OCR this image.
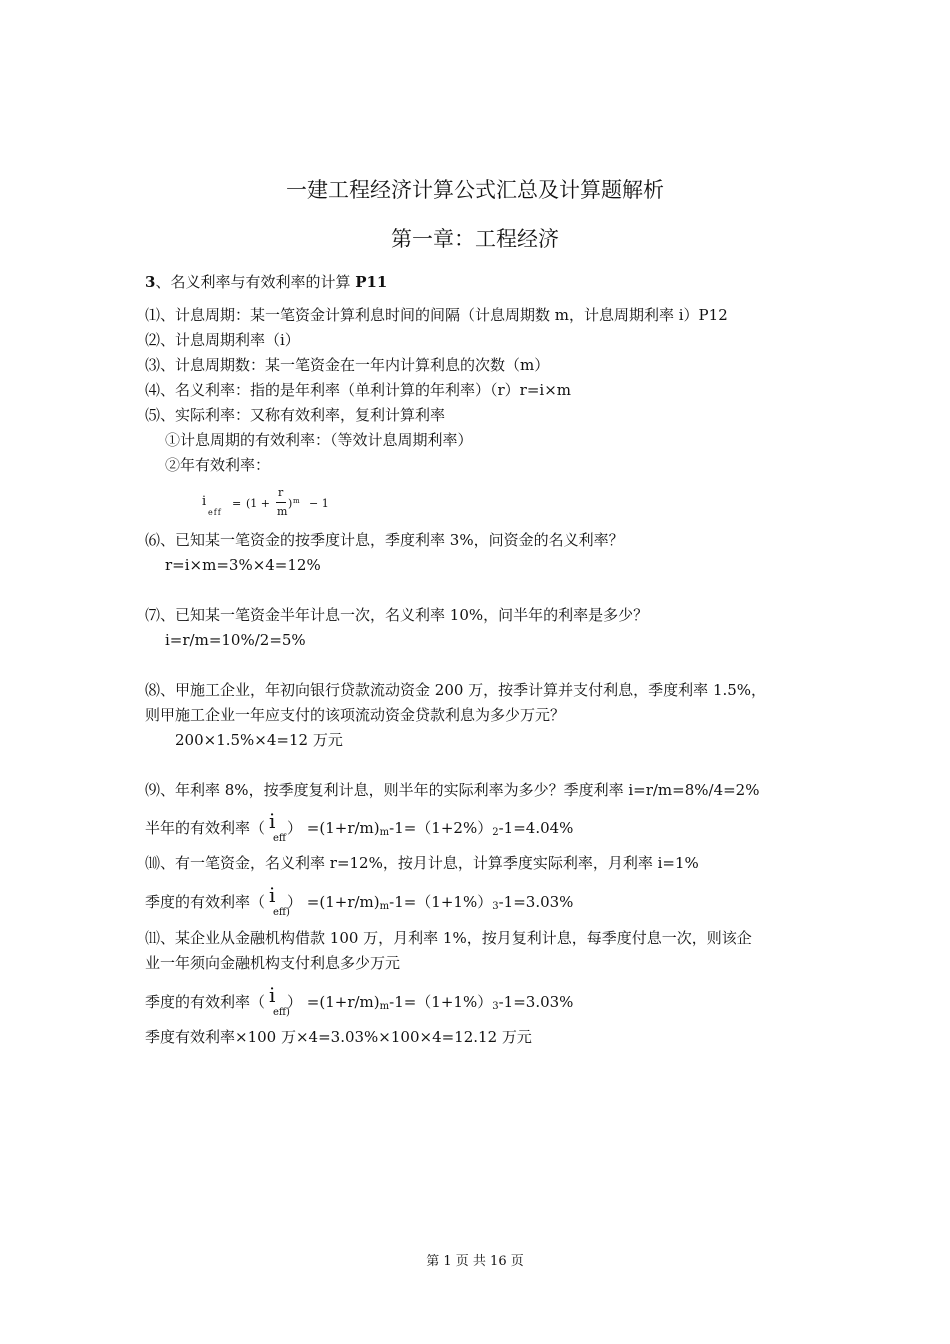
一建工程经济计算公式汇总及计算题解析
第一章：工程经济
3、名义利率与有效利率的计算 P11
⑴、计息周期：某一笔资金计算利息时间的间隔（计息周期数 m，计息周期利率 i）P12
⑵、计息周期利率（i）
⑶、计息周期数：某一笔资金在一年内计算利息的次数（m）
⑷、名义利率：指的是年利率（单利计算的年利率）（r）r=i×m
⑸、实际利率：又称有效利率，复利计算利率
①计息周期的有效利率：（等效计息周期利率）
②年有效利率：
i
eff
= (1 +
r
m
) m − 1
⑹、已知某一笔资金的按季度计息，季度利率 3%，问资金的名义利率？
r=i×m=3%×4=12%
⑺、已知某一笔资金半年计息一次，名义利率 10%，问半年的利率是多少？
i=r/m=10%/2=5%
⑻、甲施工企业，年初向银行贷款流动资金 200 万，按季计算并支付利息，季度利率 1.5%，
则甲施工企业一年应支付的该项流动资金贷款利息为多少万元？
200×1.5%×4=12 万元
⑼、年利率 8%，按季度复利计息，则半年的实际利率为多少？季度利率 i=r/m=8%/4=2%
半年的有效利率（ i
eff
） =(1+r/m)m-1=（1+2%）2-1=4.04%
⑽、有一笔资金，名义利率 r=12%，按月计息，计算季度实际利率，月利率 i=1%
季度的有效利率（ i
eff)
） =(1+r/m)m-1=（1+1%）3-1=3.03%
⑾、某企业从金融机构借款 100 万，月利率 1%，按月复利计息，每季度付息一次，则该企
业一年须向金融机构支付利息多少万元
季度的有效利率（ i
eff)
） =(1+r/m)m-1=（1+1%）3-1=3.03%
季度有效利率×100 万×4=3.03%×100×4=12.12 万元
第 1 页 共 16 页
